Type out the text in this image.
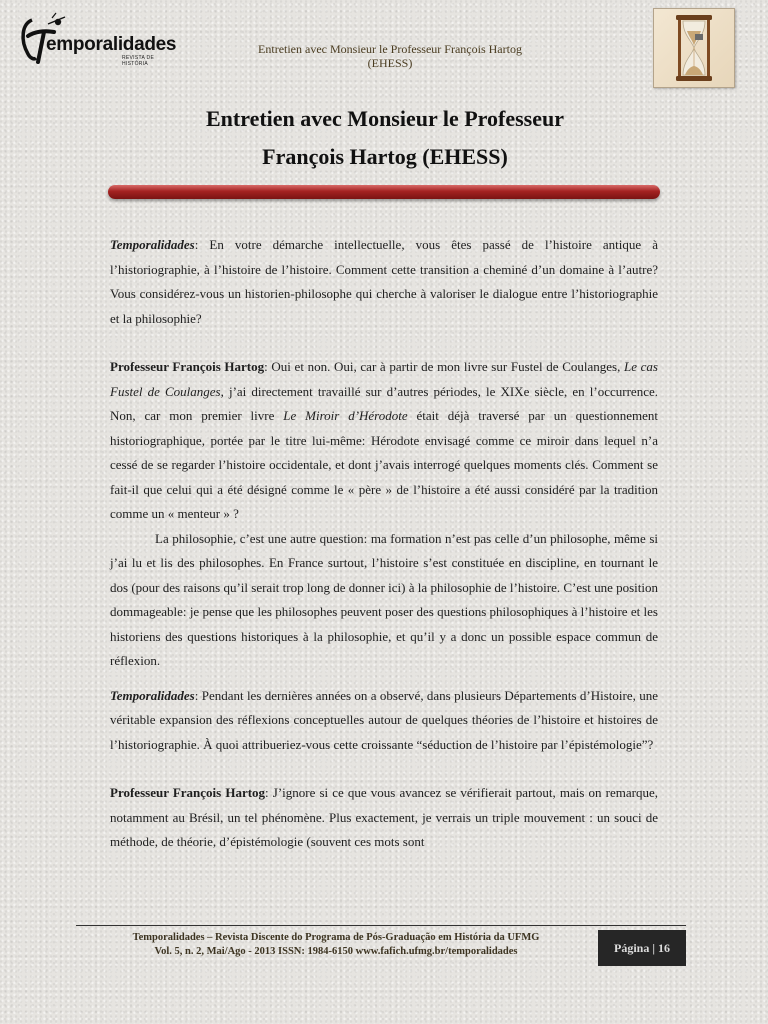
emporalidades
REVISTA DE HISTÓRIA
Entretien avec Monsieur le Professeur François Hartog
(EHESS)
Entretien avec Monsieur le Professeur
François Hartog (EHESS)

Temporalidades: En votre démarche intellectuelle, vous êtes passé de l’histoire antique à l’historiographie, à l’histoire de l’histoire. Comment cette transition a cheminé d’un domaine à l’autre? Vous considérez-vous un historien-philosophe qui cherche à valoriser le dialogue entre l’historiographie et la philosophie?

Professeur François Hartog: Oui et non. Oui, car à partir de mon livre sur Fustel de Coulanges, Le cas Fustel de Coulanges, j’ai directement travaillé sur d’autres périodes, le XIXe siècle, en l’occurrence. Non, car mon premier livre Le Miroir d’Hérodote était déjà traversé par un questionnement historiographique, portée par le titre lui-même: Hérodote envisagé comme ce miroir dans lequel n’a cessé de se regarder l’histoire occidentale, et dont j’avais interrogé quelques moments clés. Comment se fait-il que celui qui a été désigné comme le « père » de l’histoire a été aussi considéré par la tradition comme un « menteur » ?

La philosophie, c’est une autre question: ma formation n’est pas celle d’un philosophe, même si j’ai lu et lis des philosophes. En France surtout, l’histoire s’est constituée en discipline, en tournant le dos (pour des raisons qu’il serait trop long de donner ici) à la philosophie de l’histoire. C’est une position dommageable: je pense que les philosophes peuvent poser des questions philosophiques à l’histoire et les historiens des questions historiques à la philosophie, et qu’il y a donc un possible espace commun de réflexion.

Temporalidades: Pendant les dernières années on a observé, dans plusieurs Départements d’Histoire, une véritable expansion des réflexions conceptuelles autour de quelques théories de l’histoire et histoires de l’historiographie. À quoi attribueriez-vous cette croissante “séduction de l’histoire par l’épistémologie”?

Professeur François Hartog: J’ignore si ce que vous avancez se vérifierait partout, mais on remarque, notamment au Brésil, un tel phénomène. Plus exactement, je verrais un triple mouvement : un souci de méthode, de théorie, d’épistémologie (souvent ces mots sont

Temporalidades – Revista Discente do Programa de Pós-Graduação em História da UFMG
Vol. 5, n. 2, Mai/Ago - 2013 ISSN: 1984-6150 www.fafich.ufmg.br/temporalidades	Página | 16
